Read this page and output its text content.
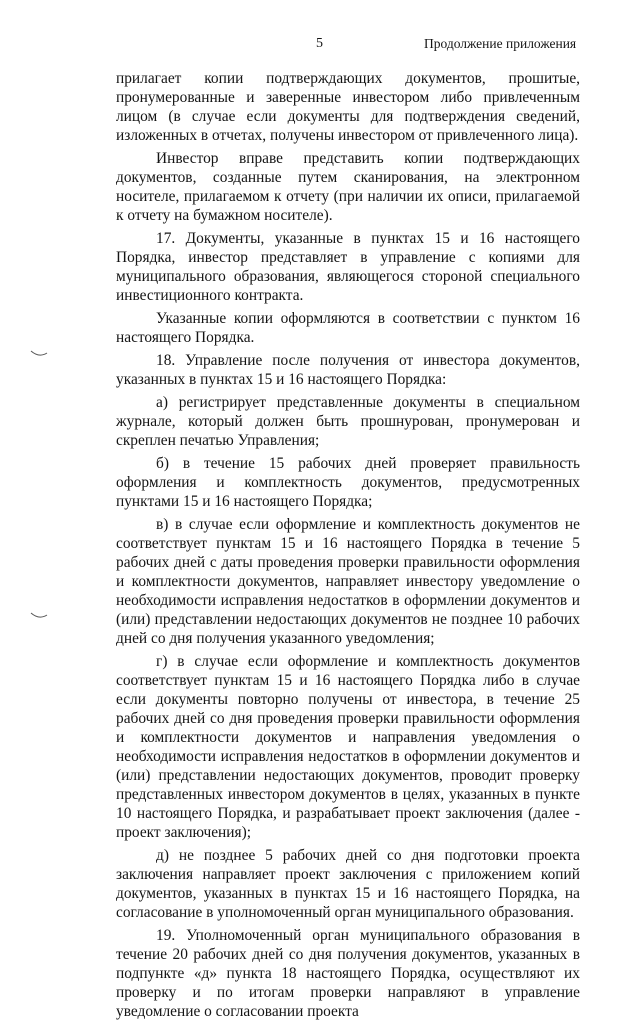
5	Продолжение приложения

прилагает копии подтверждающих документов, прошитые, пронумерованные и заверенные инвестором либо привлеченным лицом (в случае если документы для подтверждения сведений, изложенных в отчетах, получены инвестором от привлеченного лица).

Инвестор вправе представить копии подтверждающих документов, созданные путем сканирования, на электронном носителе, прилагаемом к отчету (при наличии их описи, прилагаемой к отчету на бумажном носителе).

17. Документы, указанные в пунктах 15 и 16 настоящего Порядка, инвестор представляет в управление с копиями для муниципального образования, являющегося стороной специального инвестиционного контракта.

Указанные копии оформляются в соответствии с пунктом 16 настоящего Порядка.

18. Управление после получения от инвестора документов, указанных в пунктах 15 и 16 настоящего Порядка:

а) регистрирует представленные документы в специальном журнале, который должен быть прошнурован, пронумерован и скреплен печатью Управления;

б) в течение 15 рабочих дней проверяет правильность оформления и комплектность документов, предусмотренных пунктами 15 и 16 настоящего Порядка;

в) в случае если оформление и комплектность документов не соответствует пунктам 15 и 16 настоящего Порядка в течение 5 рабочих дней с даты проведения проверки правильности оформления и комплектности документов, направляет инвестору уведомление о необходимости исправления недостатков в оформлении документов и (или) представлении недостающих документов не позднее 10 рабочих дней со дня получения указанного уведомления;

г) в случае если оформление и комплектность документов соответствует пунктам 15 и 16 настоящего Порядка либо в случае если документы повторно получены от инвестора, в течение 25 рабочих дней со дня проведения проверки правильности оформления и комплектности документов и направления уведомления о необходимости исправления недостатков в оформлении документов и (или) представлении недостающих документов, проводит проверку представленных инвестором документов в целях, указанных в пункте 10 настоящего Порядка, и разрабатывает проект заключения (далее - проект заключения);

д) не позднее 5 рабочих дней со дня подготовки проекта заключения направляет проект заключения с приложением копий документов, указанных в пунктах 15 и 16 настоящего Порядка, на согласование в уполномоченный орган муниципального образования.

19. Уполномоченный орган муниципального образования в течение 20 рабочих дней со дня получения документов, указанных в подпункте «д» пункта 18 настоящего Порядка, осуществляют их проверку и по итогам проверки направляют в управление уведомление о согласовании проекта
